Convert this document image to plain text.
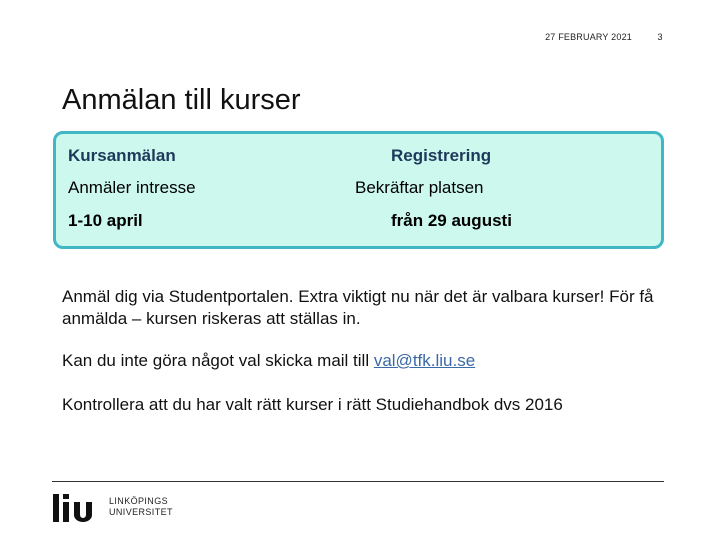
27 FEBRUARY 2021	3
Anmälan till kurser
Kursanmälan
Anmäler intresse
1-10 april
Registrering
Bekräftar platsen
från 29 augusti

Anmäl dig via Studentportalen. Extra viktigt nu när det är valbara kurser! För få anmälda – kursen riskeras att ställas in.

Kan du inte göra något val skicka mail till val@tfk.liu.se

Kontrollera att du har valt rätt kurser i rätt Studiehandbok dvs 2016

LINKÖPINGS
UNIVERSITET
